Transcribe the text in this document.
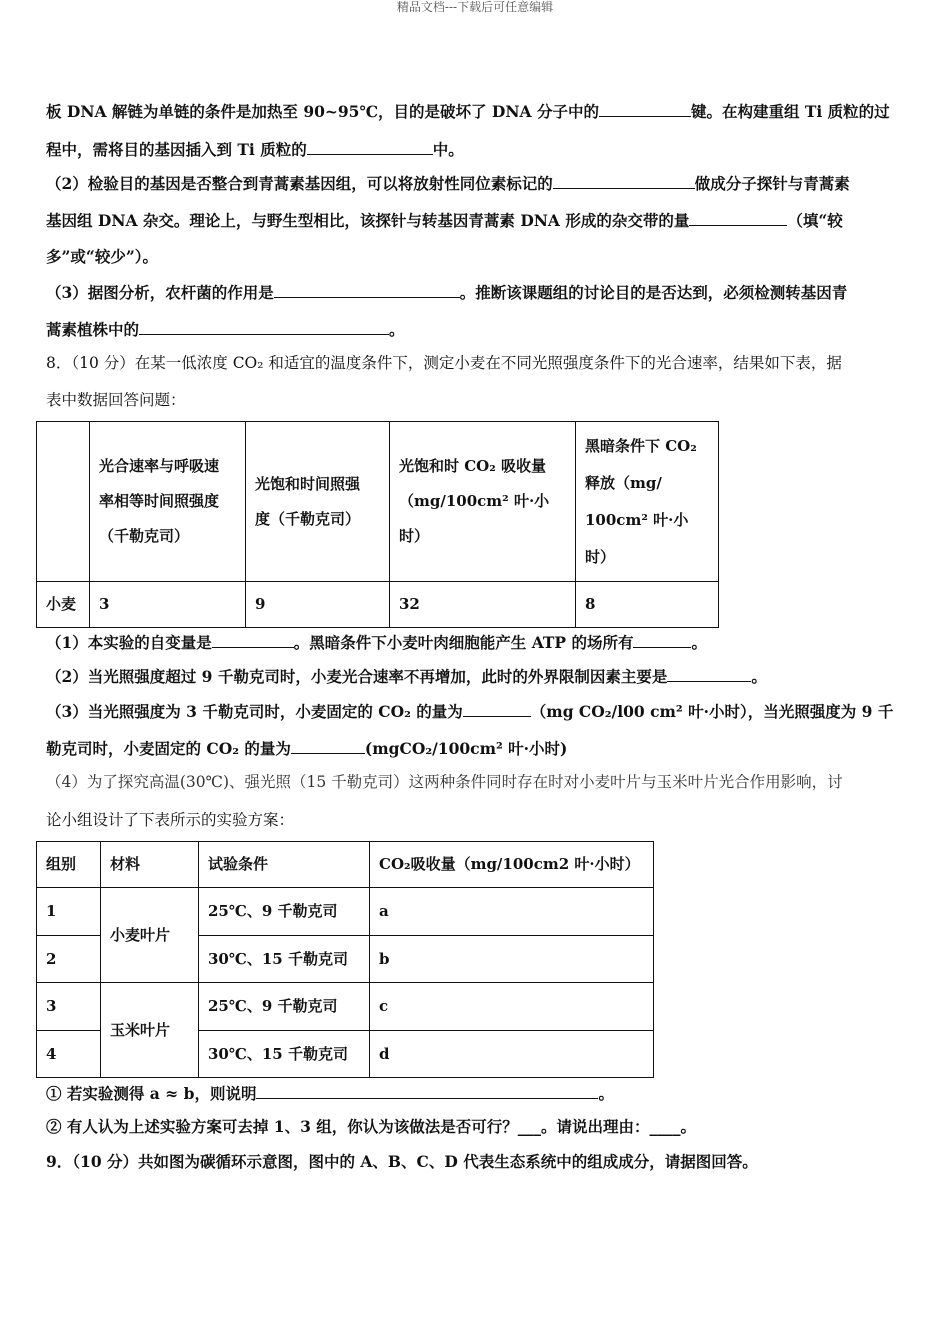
精品文档---下载后可任意编辑
板 DNA 解链为单链的条件是加热至 90~95℃，目的是破坏了 DNA 分子中的	键。在构建重组 Ti 质粒的过
程中，需将目的基因插入到 Ti 质粒的	中。
（2）检验目的基因是否整合到青蒿素基因组，可以将放射性同位素标记的	做成分子探针与青蒿素
基因组 DNA 杂交。理论上，与野生型相比，该探针与转基因青蒿素 DNA 形成的杂交带的量	（填“较
多”或“较少”）。
（3）据图分析，农杆菌的作用是	。推断该课题组的讨论目的是否达到，必须检测转基因青
蒿素植株中的	。
8．（10 分）在某一低浓度 CO₂ 和适宜的温度条件下，测定小麦在不同光照强度条件下的光合速率，结果如下表，据
表中数据回答问题：
	光合速率与呼吸速
率相等时间照强度
（千勒克司）	光饱和时间照强
度（千勒克司）	光饱和时 CO₂ 吸收量
（mg/100cm² 叶·小
时）	黑暗条件下 CO₂
释放（mg/
100cm² 叶·小
时）
小麦	3	9	32	8
（1）本实验的自变量是	。黑暗条件下小麦叶肉细胞能产生 ATP 的场所有	。
（2）当光照强度超过 9 千勒克司时，小麦光合速率不再增加，此时的外界限制因素主要是	。
（3）当光照强度为 3 千勒克司时，小麦固定的 CO₂ 的量为	（mg CO₂/l00 cm² 叶·小时），当光照强度为 9 千
勒克司时，小麦固定的 CO₂ 的量为	(mgCO₂/100cm² 叶·小时)
（4）为了探究高温(30℃)、强光照（15 千勒克司）这两种条件同时存在时对小麦叶片与玉米叶片光合作用影响，讨
论小组设计了下表所示的实验方案：
组别	材料	试验条件	CO₂吸收量（mg/100cm2 叶·小时）
1	小麦叶片	25℃、9 千勒克司	a
2		30℃、15 千勒克司	b
3	玉米叶片	25℃、9 千勒克司	c
4		30℃、15 千勒克司	d
① 若实验测得 a ≈ b，则说明	。
② 有人认为上述实验方案可去掉 1、3 组，你认为该做法是否可行？___。请说出理由：____。
9．（10 分）共如图为碳循环示意图，图中的 A、B、C、D 代表生态系统中的组成成分，请据图回答。
